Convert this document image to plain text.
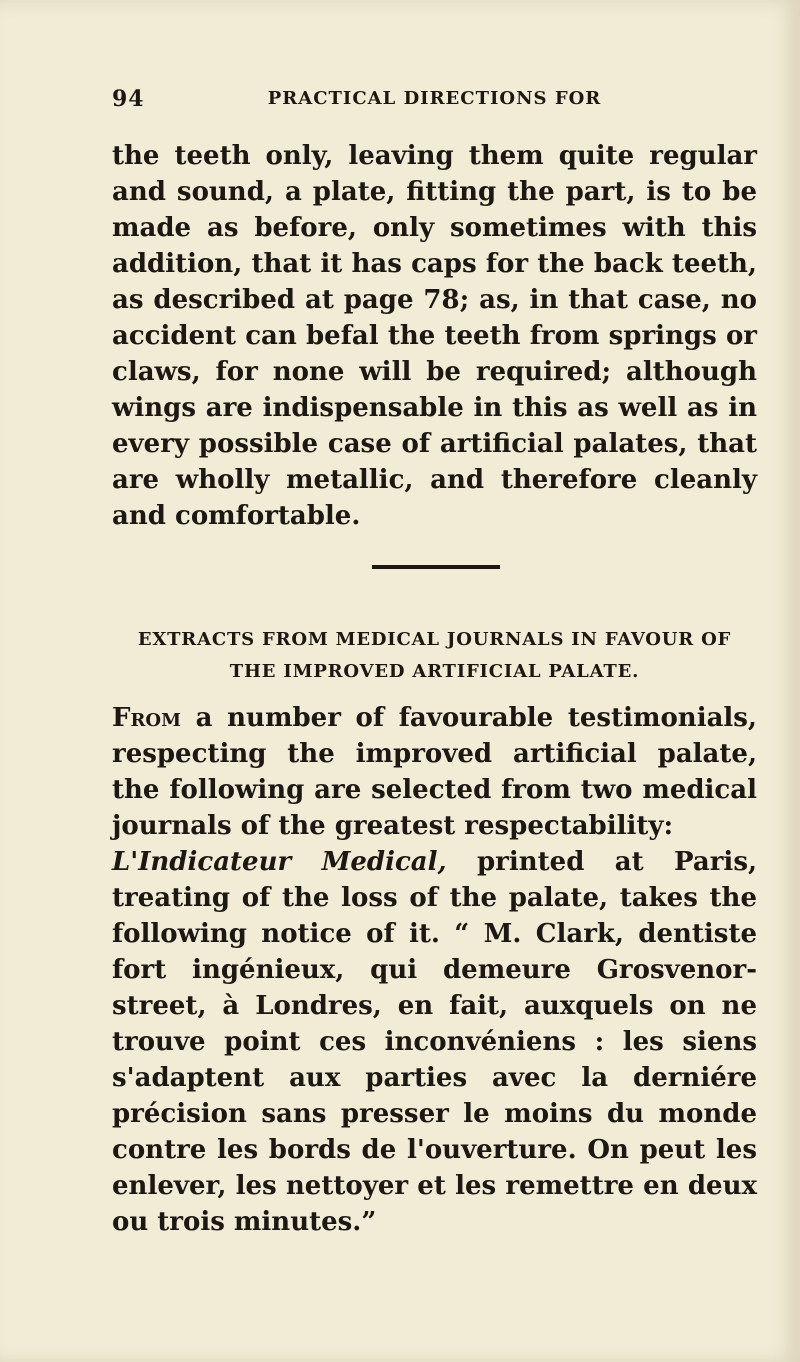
94	PRACTICAL DIRECTIONS FOR
the teeth only, leaving them quite regular and sound, a plate, fitting the part, is to be made as before, only sometimes with this addition, that it has caps for the back teeth, as described at page 78; as, in that case, no accident can befal the teeth from springs or claws, for none will be required; although wings are indispensable in this as well as in every possible case of artificial palates, that are wholly metallic, and therefore cleanly and comfortable.
EXTRACTS FROM MEDICAL JOURNALS IN FAVOUR OF
THE IMPROVED ARTIFICIAL PALATE.
From a number of favourable testimonials, respecting the improved artificial palate, the following are selected from two medical journals of the greatest respectability:
L'Indicateur Medical, printed at Paris, treating of the loss of the palate, takes the following notice of it. “ M. Clark, dentiste fort ingénieux, qui demeure Grosvenor-street, à Londres, en fait, auxquels on ne trouve point ces inconvéniens : les siens s'adaptent aux parties avec la derniére précision sans presser le moins du monde contre les bords de l'ouverture. On peut les enlever, les nettoyer et les remettre en deux ou trois minutes.”
